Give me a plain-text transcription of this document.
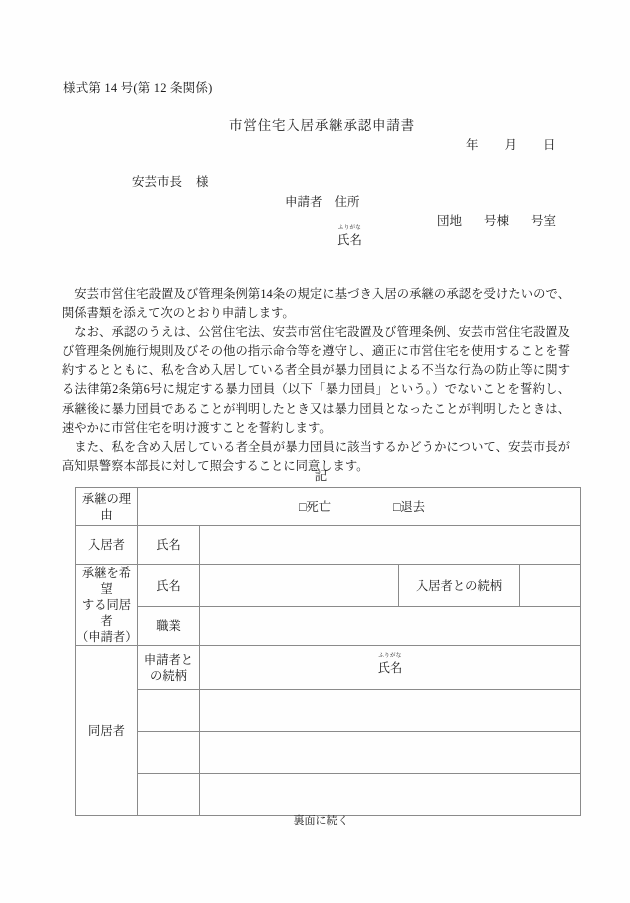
様式第 14 号(第 12 条関係)
市営住宅入居承継承認申請書
年 月 日
安芸市長 様
申請者 住所
団地 号棟 号室
ふりがな
氏名

安芸市営住宅設置及び管理条例第14条の規定に基づき入居の承継の承認を受けたいので、関係書類を添えて次のとおり申請します。

なお、承認のうえは、公営住宅法、安芸市営住宅設置及び管理条例、安芸市営住宅設置及び管理条例施行規則及びその他の指示命令等を遵守し、適正に市営住宅を使用することを誓約するとともに、私を含め入居している者全員が暴力団員による不当な行為の防止等に関する法律第2条第6号に規定する暴力団員（以下「暴力団員」という。）でないことを誓約し、承継後に暴力団員であることが判明したとき又は暴力団員となったことが判明したときは、速やかに市営住宅を明け渡すことを誓約します。

また、私を含め入居している者全員が暴力団員に該当するかどうかについて、安芸市長が高知県警察本部長に対して照会することに同意します。

記
承継の理由	□死亡 □退去			

入居者	氏名			
承継を希望
する同居者
（申請者）	氏名		入居者との続柄	
	職業			
同居者	申請者と
の続柄	ふりがな
氏名		

裏面に続く
